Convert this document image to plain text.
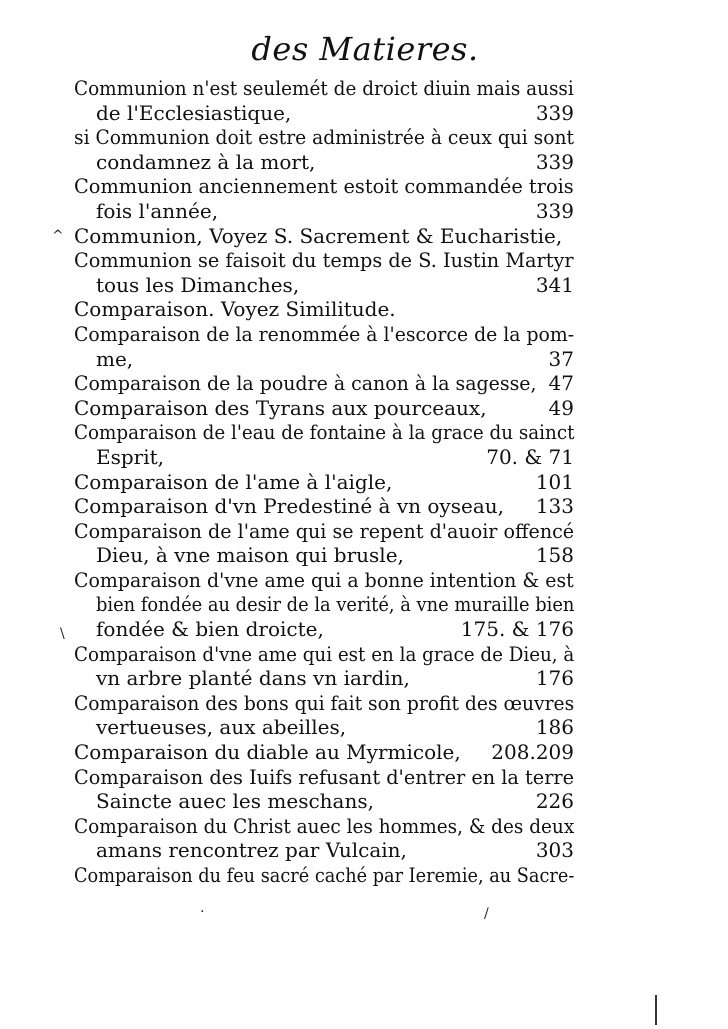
des Matieres.
Communion n'est seulemét de droict diuin mais aussi
de l'Ecclesiastique,	339
si Communion doit estre administrée à ceux qui sont
condamnez à la mort,	339
Communion anciennement estoit commandée trois
fois l'année,	339
Communion, Voyez S. Sacrement & Eucharistie,
Communion se faisoit du temps de S. Iustin Martyr
tous les Dimanches,	341
Comparaison. Voyez Similitude.
Comparaison de la renommée à l'escorce de la pom-
me,	37
Comparaison de la poudre à canon à la sagesse, 47
Comparaison des Tyrans aux pourceaux,	49
Comparaison de l'eau de fontaine à la grace du sainct
Esprit,	70. & 71
Comparaison de l'ame à l'aigle,	101
Comparaison d'vn Predestiné à vn oyseau, 133
Comparaison de l'ame qui se repent d'auoir offencé
Dieu, à vne maison qui brusle,	158
Comparaison d'vne ame qui a bonne intention & est
bien fondée au desir de la verité, à vne muraille bien
fondée & bien droicte,	175. & 176
Comparaison d'vne ame qui est en la grace de Dieu, à
vn arbre planté dans vn iardin,	176
Comparaison des bons qui fait son profit des œuvres
vertueuses, aux abeilles,	186
Comparaison du diable au Myrmicole, 208.209
Comparaison des Iuifs refusant d'entrer en la terre
Saincte auec les meschans,	226
Comparaison du Christ auec les hommes, & des deux
amans rencontrez par Vulcain,	303
Comparaison du feu sacré caché par Ieremie, au Sacre-
^
\
.	/
